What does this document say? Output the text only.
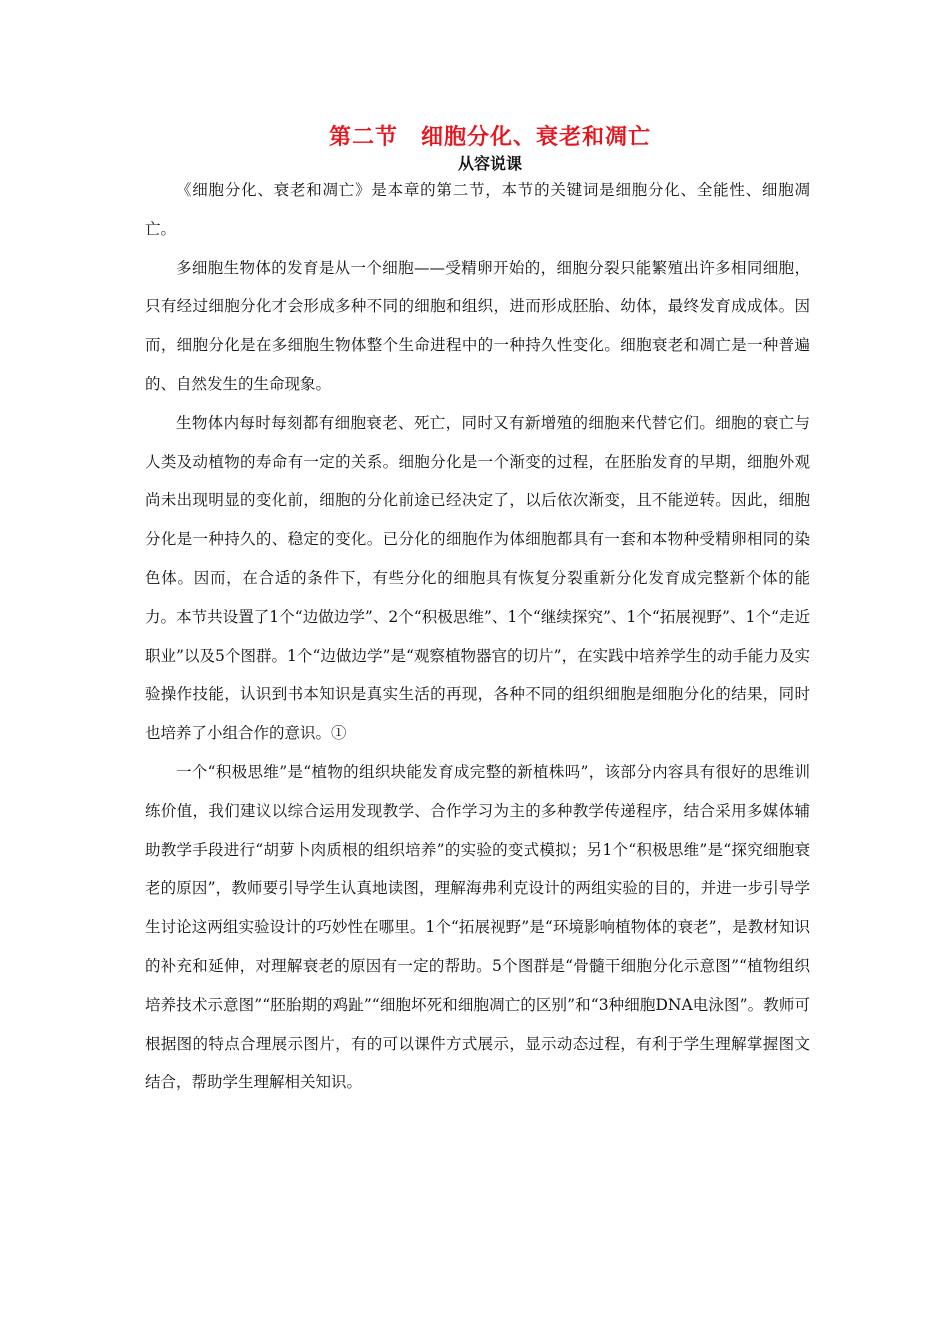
第二节　细胞分化、衰老和凋亡
从容说课

《细胞分化、衰老和凋亡》是本章的第二节，本节的关键词是细胞分化、全能性、细胞凋亡。

多细胞生物体的发育是从一个细胞——受精卵开始的，细胞分裂只能繁殖出许多相同细胞，只有经过细胞分化才会形成多种不同的细胞和组织，进而形成胚胎、幼体，最终发育成成体。因而，细胞分化是在多细胞生物体整个生命进程中的一种持久性变化。细胞衰老和凋亡是一种普遍的、自然发生的生命现象。

生物体内每时每刻都有细胞衰老、死亡，同时又有新增殖的细胞来代替它们。细胞的衰亡与人类及动植物的寿命有一定的关系。细胞分化是一个渐变的过程，在胚胎发育的早期，细胞外观尚未出现明显的变化前，细胞的分化前途已经决定了，以后依次渐变，且不能逆转。因此，细胞分化是一种持久的、稳定的变化。已分化的细胞作为体细胞都具有一套和本物种受精卵相同的染色体。因而，在合适的条件下，有些分化的细胞具有恢复分裂重新分化发育成完整新个体的能力。本节共设置了1个“边做边学”、2个“积极思维”、1个“继续探究”、1个“拓展视野”、1个“走近职业”以及5个图群。1个“边做边学”是“观察植物器官的切片”，在实践中培养学生的动手能力及实验操作技能，认识到书本知识是真实生活的再现，各种不同的组织细胞是细胞分化的结果，同时也培养了小组合作的意识。①

一个“积极思维”是“植物的组织块能发育成完整的新植株吗”，该部分内容具有很好的思维训练价值，我们建议以综合运用发现教学、合作学习为主的多种教学传递程序，结合采用多媒体辅助教学手段进行“胡萝卜肉质根的组织培养”的实验的变式模拟；另1个“积极思维”是“探究细胞衰老的原因”，教师要引导学生认真地读图，理解海弗利克设计的两组实验的目的，并进一步引导学生讨论这两组实验设计的巧妙性在哪里。1个“拓展视野”是“环境影响植物体的衰老”，是教材知识的补充和延伸，对理解衰老的原因有一定的帮助。5个图群是“骨髓干细胞分化示意图”“植物组织培养技术示意图”“胚胎期的鸡趾”“细胞坏死和细胞凋亡的区别”和“3种细胞DNA电泳图”。教师可根据图的特点合理展示图片，有的可以课件方式展示，显示动态过程，有利于学生理解掌握图文结合，帮助学生理解相关知识。
